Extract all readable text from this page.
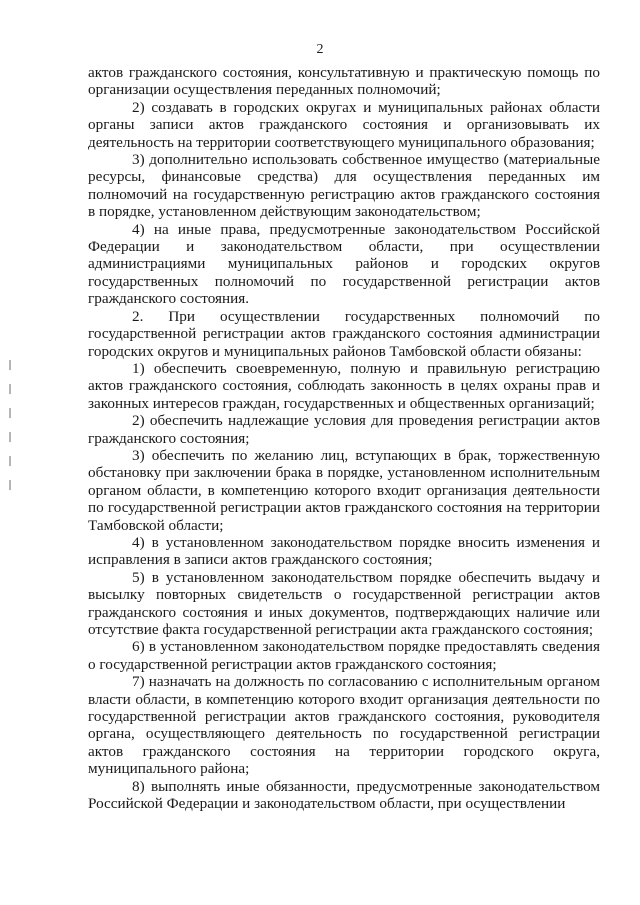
2

актов гражданского состояния, консультативную и практическую помощь по организации осуществления переданных полномочий;

2) создавать в городских округах и муниципальных районах области органы записи актов гражданского состояния и организовывать их деятельность на территории соответствующего муниципального образования;

3) дополнительно использовать собственное имущество (материальные ресурсы, финансовые средства) для осуществления переданных им полномочий на государственную регистрацию актов гражданского состояния в порядке, установленном действующим законодательством;

4) на иные права, предусмотренные законодательством Российской Федерации и законодательством области, при осуществлении администрациями муниципальных районов и городских округов государственных полномочий по государственной регистрации актов гражданского состояния.

2. При осуществлении государственных полномочий по государственной регистрации актов гражданского состояния администрации городских округов и муниципальных районов Тамбовской области обязаны:

1) обеспечить своевременную, полную и правильную регистрацию актов гражданского состояния, соблюдать законность в целях охраны прав и законных интересов граждан, государственных и общественных организаций;

2) обеспечить надлежащие условия для проведения регистрации актов гражданского состояния;

3) обеспечить по желанию лиц, вступающих в брак, торжественную обстановку при заключении брака в порядке, установленном исполнительным органом области, в компетенцию которого входит организация деятельности по государственной регистрации актов гражданского состояния на территории Тамбовской области;

4) в установленном законодательством порядке вносить изменения и исправления в записи актов гражданского состояния;

5) в установленном законодательством порядке обеспечить выдачу и высылку повторных свидетельств о государственной регистрации актов гражданского состояния и иных документов, подтверждающих наличие или отсутствие факта государственной регистрации акта гражданского состояния;

6) в установленном законодательством порядке предоставлять сведения о государственной регистрации актов гражданского состояния;

7) назначать на должность по согласованию с исполнительным органом власти области, в компетенцию которого входит организация деятельности по государственной регистрации актов гражданского состояния, руководителя органа, осуществляющего деятельность по государственной регистрации актов гражданского состояния на территории городского округа, муниципального района;

8) выполнять иные обязанности, предусмотренные законодательством Российской Федерации и законодательством области, при осуществлении
